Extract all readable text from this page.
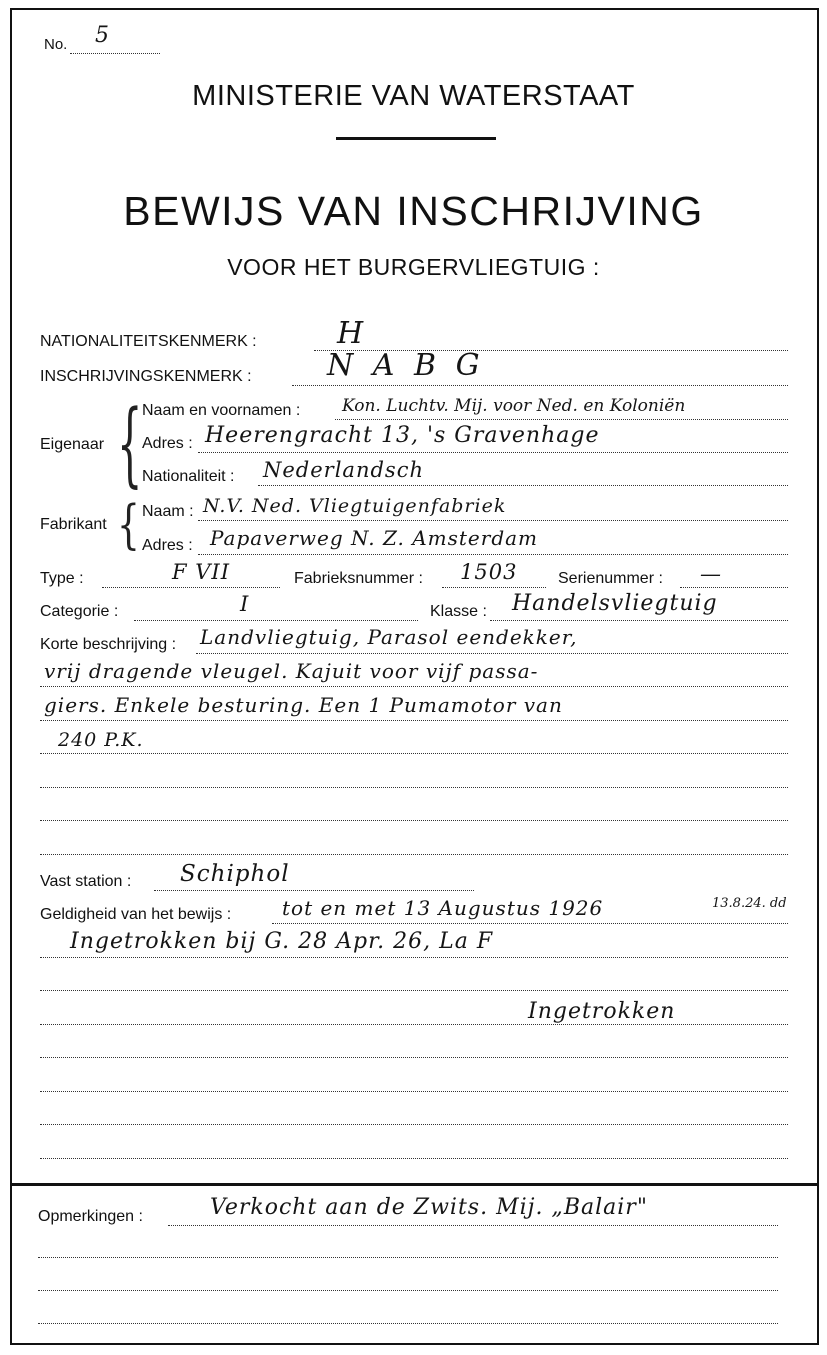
No. 5
MINISTERIE VAN WATERSTAAT
BEWIJS VAN INSCHRIJVING
VOOR HET BURGERVLIEGTUIG :
NATIONALITEITSKENMERK :	H
INSCHRIJVINGSKENMERK :	N A B G
Eigenaar { Naam en voornamen : Kon. Luchtv. Mij. voor Ned. en Koloniën
Adres : Heerengracht 13, 's Gravenhage
Nationaliteit : Nederlandsch
Fabrikant { Naam : N.V. Ned. Vliegtuigenfabriek
Adres : Papaverweg N. Z. Amsterdam
Type :	F VII	Fabrieksnummer : 1503	Serienummer : —
Categorie :	I	Klasse : Handelsvliegtuig
Korte beschrijving : Landvliegtuig, Parasol eendekker,
vrij dragende vleugel. Kajuit voor vijf passa-
giers. Enkele besturing. Een 1 Pumamotor van
240 P.K.
Vast station : Schiphol
Geldigheid van het bewijs :	tot en met 13 Augustus 1926	13.8.24. dd
Ingetrokken bij G. 28 Apr. 26, La F
Ingetrokken
Opmerkingen :	Verkocht aan de Zwits. Mij. „Balair"
